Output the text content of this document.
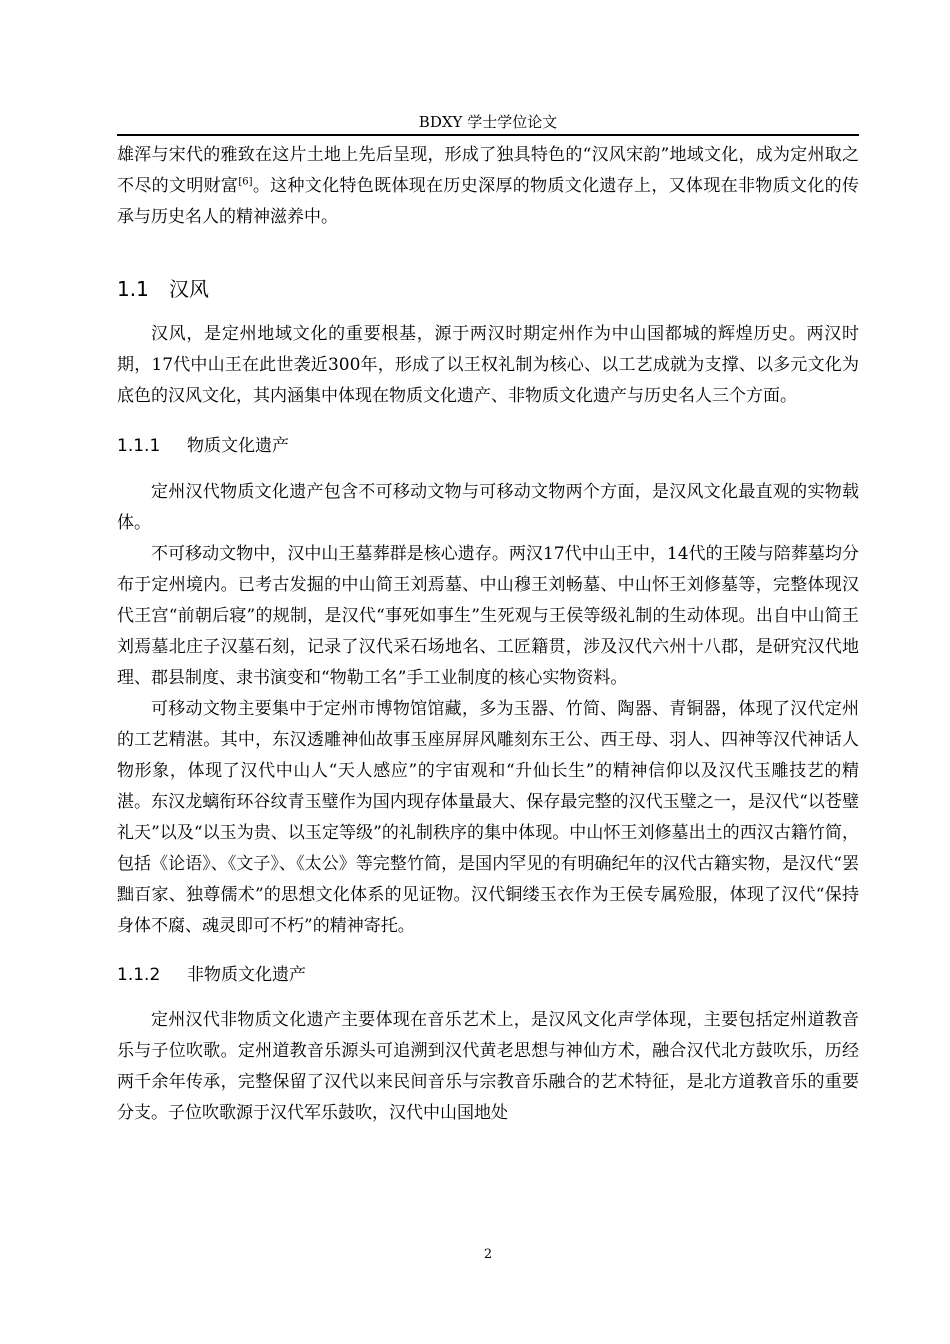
BDXY 学士学位论文

雄浑与宋代的雅致在这片土地上先后呈现，形成了独具特色的“汉风宋韵”地域文化，成为定州取之不尽的文明财富[6]。这种文化特色既体现在历史深厚的物质文化遗存上，又体现在非物质文化的传承与历史名人的精神滋养中。

1.1 汉风

汉风，是定州地域文化的重要根基，源于两汉时期定州作为中山国都城的辉煌历史。两汉时期，17代中山王在此世袭近300年，形成了以王权礼制为核心、以工艺成就为支撑、以多元文化为底色的汉风文化，其内涵集中体现在物质文化遗产、非物质文化遗产与历史名人三个方面。

1.1.1 物质文化遗产

定州汉代物质文化遗产包含不可移动文物与可移动文物两个方面，是汉风文化最直观的实物载体。

不可移动文物中，汉中山王墓葬群是核心遗存。两汉17代中山王中，14代的王陵与陪葬墓均分布于定州境内。已考古发掘的中山简王刘焉墓、中山穆王刘畅墓、中山怀王刘修墓等，完整体现汉代王宫“前朝后寝”的规制，是汉代“事死如事生”生死观与王侯等级礼制的生动体现。出自中山简王刘焉墓北庄子汉墓石刻，记录了汉代采石场地名、工匠籍贯，涉及汉代六州十八郡，是研究汉代地理、郡县制度、隶书演变和“物勒工名”手工业制度的核心实物资料。

可移动文物主要集中于定州市博物馆馆藏，多为玉器、竹简、陶器、青铜器，体现了汉代定州的工艺精湛。其中，东汉透雕神仙故事玉座屏屏风雕刻东王公、西王母、羽人、四神等汉代神话人物形象，体现了汉代中山人“天人感应”的宇宙观和“升仙长生”的精神信仰以及汉代玉雕技艺的精湛。东汉龙螭衔环谷纹青玉璧作为国内现存体量最大、保存最完整的汉代玉璧之一，是汉代“以苍璧礼天”以及“以玉为贵、以玉定等级”的礼制秩序的集中体现。中山怀王刘修墓出土的西汉古籍竹简，包括《论语》、《文子》、《太公》等完整竹简，是国内罕见的有明确纪年的汉代古籍实物，是汉代“罢黜百家、独尊儒术”的思想文化体系的见证物。汉代铜缕玉衣作为王侯专属殓服，体现了汉代“保持身体不腐、魂灵即可不朽”的精神寄托。

1.1.2 非物质文化遗产

定州汉代非物质文化遗产主要体现在音乐艺术上，是汉风文化声学体现，主要包括定州道教音乐与子位吹歌。定州道教音乐源头可追溯到汉代黄老思想与神仙方术，融合汉代北方鼓吹乐，历经两千余年传承，完整保留了汉代以来民间音乐与宗教音乐融合的艺术特征，是北方道教音乐的重要分支。子位吹歌源于汉代军乐鼓吹，汉代中山国地处

2
